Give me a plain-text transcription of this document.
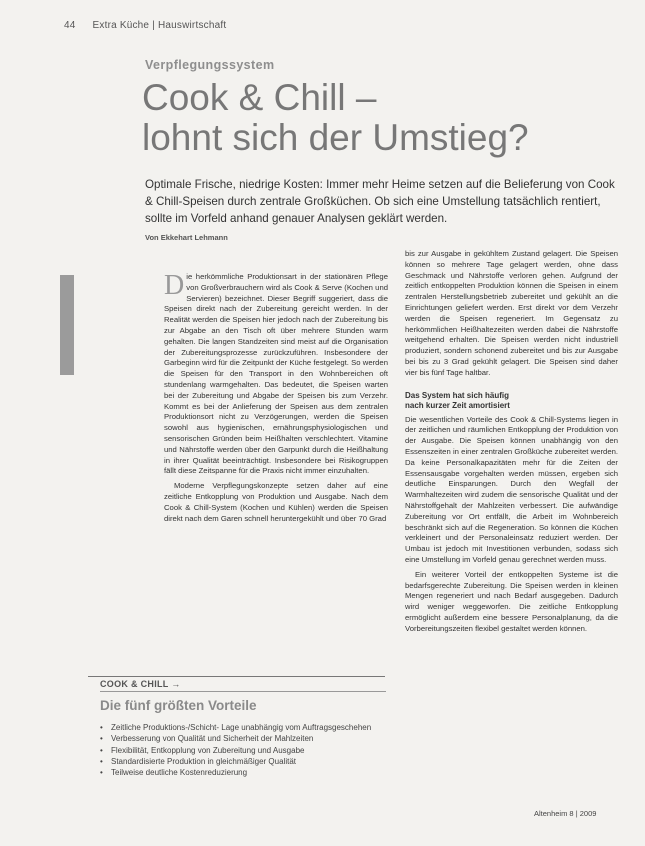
44 Extra Küche | Hauswirtschaft
Verpflegungssystem
Cook & Chill –
lohnt sich der Umstieg?
Optimale Frische, niedrige Kosten: Immer mehr Heime setzen auf die Belieferung von Cook & Chill-Speisen durch zentrale Großküchen. Ob sich eine Umstellung tatsächlich rentiert, sollte im Vorfeld anhand genauer Analysen geklärt werden.
Von Ekkehart Lehmann

D ie herkömmliche Produktionsart in der stationären Pflege von Großverbrauchern wird als Cook & Serve (Kochen und Servieren) bezeichnet. Dieser Begriff suggeriert, dass die Speisen direkt nach der Zubereitung gereicht werden. In der Realität werden die Speisen hier jedoch nach der Zubereitung bis zur Abgabe an den Tisch oft über mehrere Stunden warm gehalten. Die langen Standzeiten sind meist auf die Organisation der Zubereitungsprozesse zurückzuführen. Insbesondere der Garbeginn wird für die Zeitpunkt der Küche festgelegt. So werden die Speisen für den Transport in den Wohnbereichen oft stundenlang warmgehalten. Das bedeutet, die Speisen warten bei der Zubereitung und Abgabe der Speisen bis zum Verzehr. Kommt es bei der Anlieferung der Speisen aus dem zentralen Produktionsort nicht zu Verzögerungen, werden die Speisen sowohl aus hygienischen, ernährungsphysiologischen und sensorischen Gründen beim Heißhalten verschlechtert. Vitamine und Nährstoffe werden über den Garpunkt durch die Heißhaltung in ihrer Qualität beeinträchtigt. Insbesondere bei Risikogruppen fällt diese Zeitspanne für die Praxis nicht immer einzuhalten.

Moderne Verpflegungskonzepte setzen daher auf eine zeitliche Entkopplung von Produktion und Ausgabe. Nach dem Cook & Chill-System (Kochen und Kühlen) werden die Speisen direkt nach dem Garen schnell heruntergekühlt und über 70 Grad

bis zur Ausgabe in gekühltem Zustand gelagert. Die Speisen können so mehrere Tage gelagert werden, ohne dass Geschmack und Nährstoffe verloren gehen. Aufgrund der zeitlich entkoppelten Produktion können die Speisen in einem zentralen Herstellungsbetrieb zubereitet und gekühlt an die Einrichtungen geliefert werden. Erst direkt vor dem Verzehr werden die Speisen regeneriert. Im Gegensatz zu herkömmlichen Heißhaltezeiten werden dabei die Nährstoffe weitgehend erhalten. Die Speisen werden nicht industriell produziert, sondern schonend zubereitet und bis zur Ausgabe bei bis zu 3 Grad gekühlt gelagert. Die Speisen sind daher vier bis fünf Tage haltbar.

Das System hat sich häufig
nach kurzer Zeit amortisiert

Die wesentlichen Vorteile des Cook & Chill-Systems liegen in der zeitlichen und räumlichen Entkopplung der Produktion von der Ausgabe. Die Speisen können unabhängig von den Essenszeiten in einer zentralen Großküche zubereitet werden. Da keine Personalkapazitäten mehr für die Zeiten der Essensausgabe vorgehalten werden müssen, ergeben sich deutliche Einsparungen. Durch den Wegfall der Warmhaltezeiten wird zudem die sensorische Qualität und der Nährstoffgehalt der Mahlzeiten verbessert. Die aufwändige Zubereitung vor Ort entfällt, die Arbeit im Wohnbereich beschränkt sich auf die Regeneration. So können die Küchen verkleinert und der Personaleinsatz reduziert werden. Der Umbau ist jedoch mit Investitionen verbunden, sodass sich eine Umstellung im Vorfeld genau gerechnet werden muss.

Ein weiterer Vorteil der entkoppelten Systeme ist die bedarfsgerechte Zubereitung. Die Speisen werden in kleinen Mengen regeneriert und nach Bedarf ausgegeben. Dadurch wird weniger weggeworfen. Die zeitliche Entkopplung ermöglicht außerdem eine bessere Personalplanung, da die Vorbereitungszeiten flexibel gestaltet werden können.

COOK & CHILL →
Die fünf größten Vorteile
• Zeitliche Produktions-/Schicht- Lage unabhängig vom Auftragsgeschehen
• Verbesserung von Qualität und Sicherheit der Mahlzeiten
• Flexibilität, Entkopplung von Zubereitung und Ausgabe
• Standardisierte Produktion in gleichmäßiger Qualität
• Teilweise deutliche Kostenreduzierung
Altenheim 8 | 2009
